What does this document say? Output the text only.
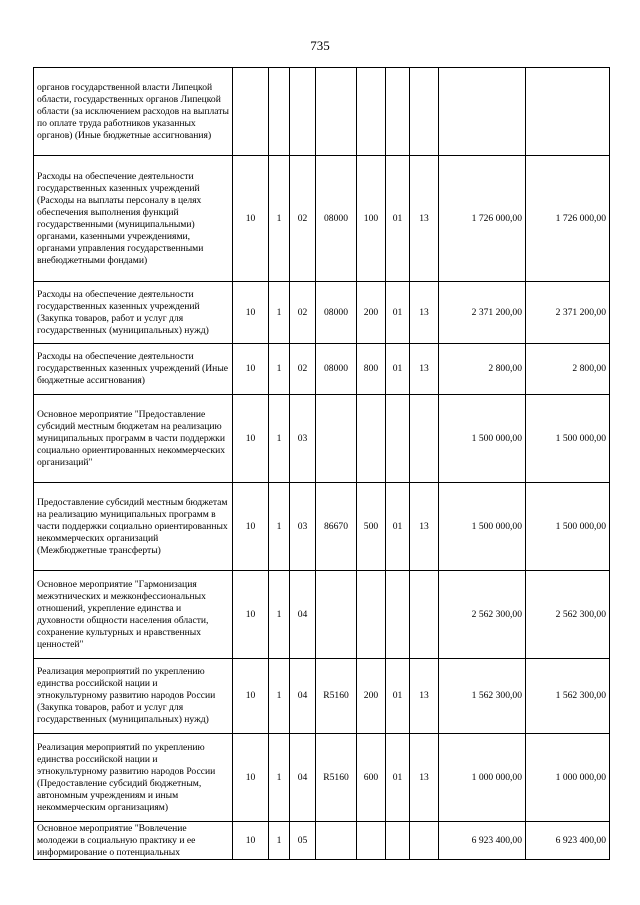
735
органов государственной власти Липецкой области, государственных органов Липецкой области (за исключением расходов на выплаты по оплате труда работников указанных органов) (Иные бюджетные ассигнования)									
Расходы на обеспечение деятельности государственных казенных учреждений (Расходы на выплаты персоналу в целях обеспечения выполнения функций государственными (муниципальными) органами, казенными учреждениями, органами управления государственными внебюджетными фондами)	10	1	02	08000	100	01	13	1 726 000,00	1 726 000,00
Расходы на обеспечение деятельности государственных казенных учреждений (Закупка товаров, работ и услуг для государственных (муниципальных) нужд)	10	1	02	08000	200	01	13	2 371 200,00	2 371 200,00
Расходы на обеспечение деятельности государственных казенных учреждений (Иные бюджетные ассигнования)	10	1	02	08000	800	01	13	2 800,00	2 800,00
Основное мероприятие "Предоставление субсидий местным бюджетам на реализацию муниципальных программ в части поддержки социально ориентированных некоммерческих организаций"	10	1	03					1 500 000,00	1 500 000,00
Предоставление субсидий местным бюджетам на реализацию муниципальных программ в части поддержки социально ориентированных некоммерческих организаций (Межбюджетные трансферты)	10	1	03	86670	500	01	13	1 500 000,00	1 500 000,00
Основное мероприятие "Гармонизация межэтнических и межконфессиональных отношений, укрепление единства и духовности общности населения области, сохранение культурных и нравственных ценностей"	10	1	04					2 562 300,00	2 562 300,00
Реализация мероприятий по укреплению единства российской нации и этнокультурному развитию народов России (Закупка товаров, работ и услуг для государственных (муниципальных) нужд)	10	1	04	R5160	200	01	13	1 562 300,00	1 562 300,00
Реализация мероприятий по укреплению единства российской нации и этнокультурному развитию народов России (Предоставление субсидий бюджетным, автономным учреждениям и иным некоммерческим организациям)	10	1	04	R5160	600	01	13	1 000 000,00	1 000 000,00
Основное мероприятие "Вовлечение молодежи в социальную практику и ее информирование о потенциальных	10	1	05					6 923 400,00	6 923 400,00
